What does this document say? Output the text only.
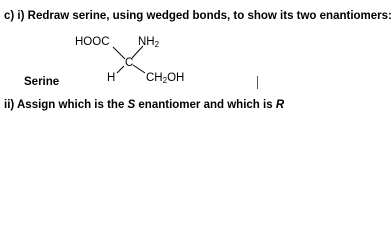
c) i) Redraw serine, using wedged bonds, to show its two enantiomers:
HOOC NH2
C
H	CH2OH
Serine
ii) Assign which is the S enantiomer and which is R
